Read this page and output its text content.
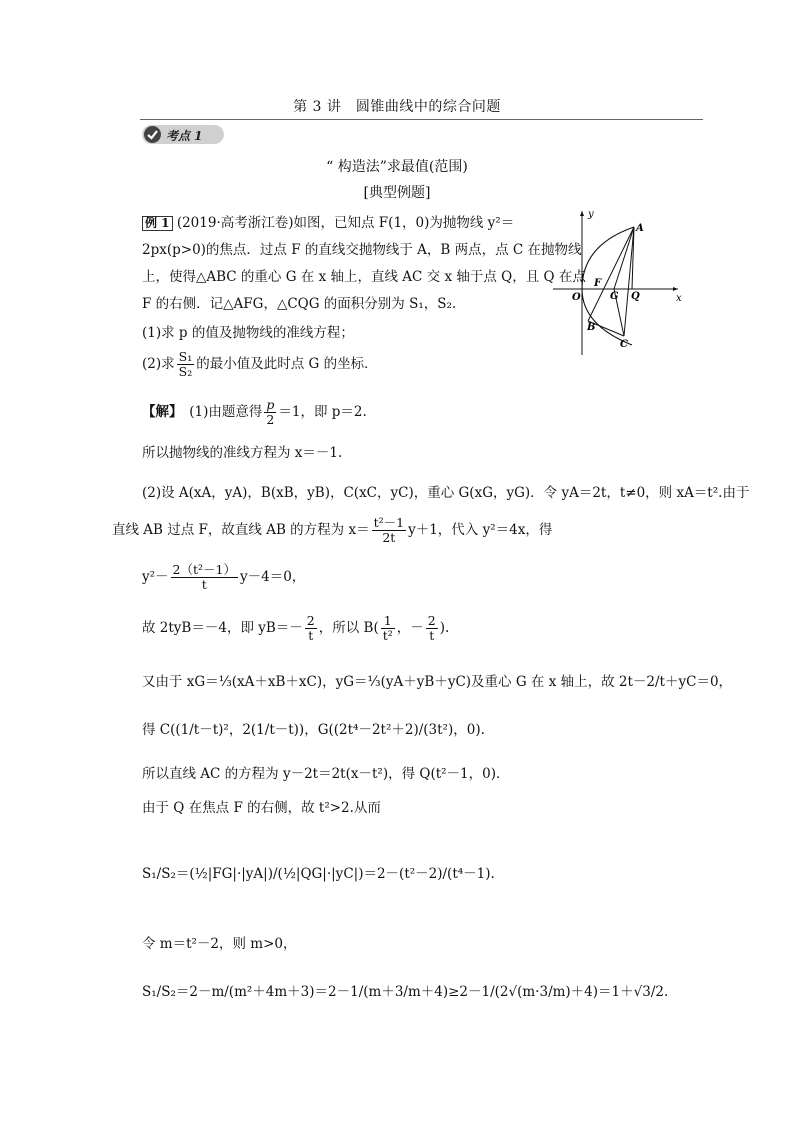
第 3 讲　圆锥曲线中的综合问题
考点 1
“ 构造法”求最值(范围)
[典型例题]
例 1 (2019·高考浙江卷)如图，已知点 F(1，0)为抛物线 y²＝
2px(p>0)的焦点．过点 F 的直线交抛物线于 A，B 两点，点 C 在抛物线
上，使得△ABC 的重心 G 在 x 轴上，直线 AC 交 x 轴于点 Q，且 Q 在点
F 的右侧．记△AFG，△CQG 的面积分别为 S₁，S₂.
(1)求 p 的值及抛物线的准线方程；
(2)求 $\frac{\text{S₁}}{\text{S₂}}$ 的最小值及此时点 G 的坐标．
y
x
O
A
B
C
F
G Q
【解】　 (1)由题意得 $\frac{p}{2} =1$，即 p＝2.
所以抛物线的准线方程为 x＝－1.
(2)设 A(xA，yA)，B(xB，yB)，C(xC，yC)，重心 G(xG，yG)．令 yA＝2t，t≠0，则 xA＝t².由于
直线 AB 过点 F，故直线 AB 的方程为 $x= \frac{\text{t²－1}}{2t} y+1$，代入 y²＝4x，得
$y^2- \frac{\text{2（t²－1）}}{t} y-4=0$，
故 2tyB＝－4，即 $yB=- \frac{2}{t}$ ，所以 $B( \frac{1}{\text{t²}}$ ，－ $\frac{2}{t}$ ).
又由于 xG＝⅓(xA＋xB＋xC)，yG＝⅓(yA＋yB＋yC)及重心 G 在 x 轴上，故 2t－2/t＋yC＝0，
得 C((1/t－t)²，2(1/t－t))，G((2t⁴－2t²＋2)/(3t²)，0).
所以直线 AC 的方程为 y－2t＝2t(x－t²)，得 Q(t²－1，0)．
由于 Q 在焦点 F 的右侧，故 t²>2.从而
S₁/S₂＝(½|FG|·|yA|)/(½|QG|·|yC|)＝2－(t²－2)/(t⁴－1).
令 m＝t²－2，则 m>0，
S₁/S₂＝2－m/(m²＋4m＋3)＝2－1/(m＋3/m＋4)≥2－1/(2√(m·3/m)＋4)＝1＋√3/2.
